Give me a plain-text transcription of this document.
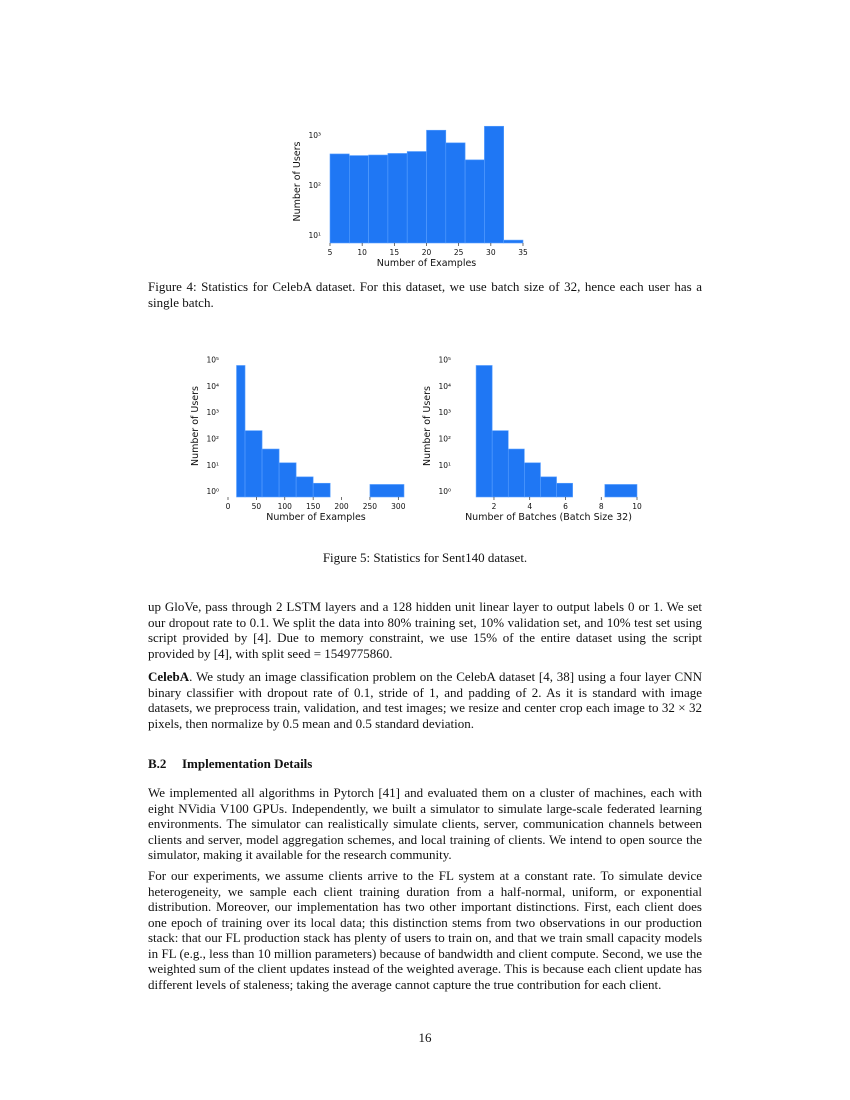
10¹
10²
10³
5	10	15	20	25	30	35
Number of Examples
Number of Users
Figure 4: Statistics for CelebA dataset. For this dataset, we use batch size of 32, hence each user has a single batch.
10⁰
10¹
10²
10³
10⁴
10⁵
0	50 100 150 200 250 300
Number of Examples
Number of Users
10⁰
10¹
10²
10³
10⁴
10⁵
2	4	6	8	10
Number of Batches (Batch Size 32)
Number of Users
Figure 5: Statistics for Sent140 dataset.

up GloVe, pass through 2 LSTM layers and a 128 hidden unit linear layer to output labels 0 or 1. We set our dropout rate to 0.1. We split the data into 80% training set, 10% validation set, and 10% test set using script provided by [4]. Due to memory constraint, we use 15% of the entire dataset using the script provided by [4], with split seed = 1549775860.

CelebA. We study an image classification problem on the CelebA dataset [4, 38] using a four layer CNN binary classifier with dropout rate of 0.1, stride of 1, and padding of 2. As it is standard with image datasets, we preprocess train, validation, and test images; we resize and center crop each image to 32 × 32 pixels, then normalize by 0.5 mean and 0.5 standard deviation.

B.2 Implementation Details

We implemented all algorithms in Pytorch [41] and evaluated them on a cluster of machines, each with eight NVidia V100 GPUs. Independently, we built a simulator to simulate large-scale federated learning environments. The simulator can realistically simulate clients, server, communication channels between clients and server, model aggregation schemes, and local training of clients. We intend to open source the simulator, making it available for the research community.

For our experiments, we assume clients arrive to the FL system at a constant rate. To simulate device heterogeneity, we sample each client training duration from a half-normal, uniform, or exponential distribution. Moreover, our implementation has two other important distinctions. First, each client does one epoch of training over its local data; this distinction stems from two observations in our production stack: that our FL production stack has plenty of users to train on, and that we train small capacity models in FL (e.g., less than 10 million parameters) because of bandwidth and client compute. Second, we use the weighted sum of the client updates instead of the weighted average. This is because each client update has different levels of staleness; taking the average cannot capture the true contribution for each client.

16
